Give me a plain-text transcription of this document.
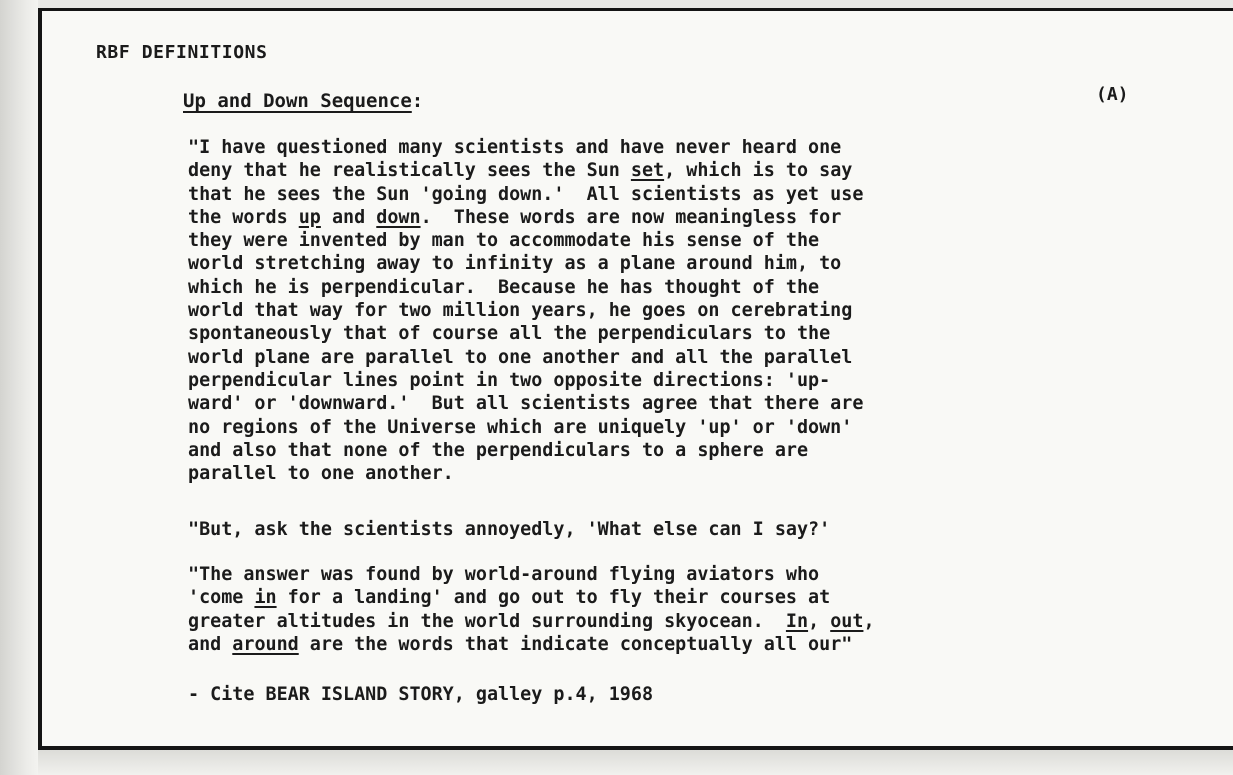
RBF DEFINITIONS
Up and Down Sequence:	(A)
"I have questioned many scientists and have never heard one
deny that he realistically sees the Sun set, which is to say
that he sees the Sun 'going down.'  All scientists as yet use
the words up and down.  These words are now meaningless for
they were invented by man to accommodate his sense of the
world stretching away to infinity as a plane around him, to
which he is perpendicular.  Because he has thought of the
world that way for two million years, he goes on cerebrating
spontaneously that of course all the perpendiculars to the
world plane are parallel to one another and all the parallel
perpendicular lines point in two opposite directions: 'up-
ward' or 'downward.'  But all scientists agree that there are
no regions of the Universe which are uniquely 'up' or 'down'
and also that none of the perpendiculars to a sphere are
parallel to one another.
"But, ask the scientists annoyedly, 'What else can I say?'
"The answer was found by world-around flying aviators who
'come in for a landing' and go out to fly their courses at
greater altitudes in the world surrounding skyocean.  In, out,
and around are the words that indicate conceptually all our"
- Cite BEAR ISLAND STORY, galley p.4, 1968
